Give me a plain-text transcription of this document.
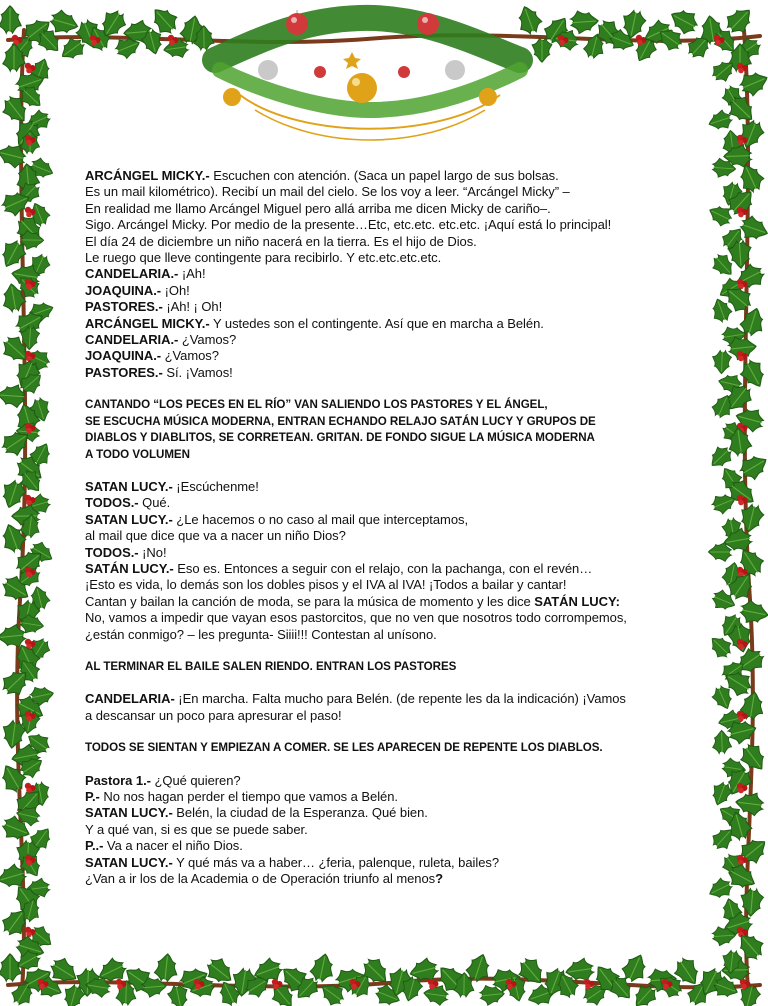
ARCÁNGEL MICKY.- Escuchen con atención. (Saca un papel largo de sus bolsas.
Es un mail kilométrico). Recibí un mail del cielo. Se los voy a leer. “Arcángel Micky” –
En realidad me llamo Arcángel Miguel pero allá arriba me dicen Micky de cariño–.
Sigo. Arcángel Micky. Por medio de la presente…Etc, etc.etc. etc.etc. ¡Aquí está lo principal!
El día 24 de diciembre un niño nacerá en la tierra. Es el hijo de Dios.
Le ruego que lleve contingente para recibirlo. Y etc.etc.etc.etc.
CANDELARIA.- ¡Ah!
JOAQUINA.- ¡Oh!
PASTORES.- ¡Ah! ¡ Oh!
ARCÁNGEL MICKY.- Y ustedes son el contingente. Así que en marcha a Belén.
CANDELARIA.- ¿Vamos?
JOAQUINA.- ¿Vamos?
PASTORES.- Sí. ¡Vamos!
CANTANDO “LOS PECES EN EL RÍO” VAN SALIENDO LOS PASTORES Y EL ÁNGEL,
SE ESCUCHA MÚSICA MODERNA, ENTRAN ECHANDO RELAJO SATÁN LUCY Y GRUPOS DE
DIABLOS Y DIABLITOS, SE CORRETEAN. GRITAN. DE FONDO SIGUE LA MÚSICA MODERNA
A TODO VOLUMEN
SATAN LUCY.- ¡Escúchenme!
TODOS.- Qué.
SATAN LUCY.- ¿Le hacemos o no caso al mail que interceptamos,
al mail que dice que va a nacer un niño Dios?
TODOS.- ¡No!
SATÁN LUCY.- Eso es. Entonces a seguir con el relajo, con la pachanga, con el revén…
¡Esto es vida, lo demás son los dobles pisos y el IVA al IVA! ¡Todos a bailar y cantar!
Cantan y bailan la canción de moda, se para la música de momento y les dice SATÁN LUCY:
No, vamos a impedir que vayan esos pastorcitos, que no ven que nosotros todo corrompemos,
¿están conmigo? – les pregunta- Siiii!!! Contestan al unísono.
AL TERMINAR EL BAILE SALEN RIENDO. ENTRAN LOS PASTORES
CANDELARIA- ¡En marcha. Falta mucho para Belén. (de repente les da la indicación) ¡Vamos
a descansar un poco para apresurar el paso!
TODOS SE SIENTAN Y EMPIEZAN A COMER. SE LES APARECEN DE REPENTE LOS DIABLOS.
Pastora 1.- ¿Qué quieren?
P.- No nos hagan perder el tiempo que vamos a Belén.
SATAN LUCY.- Belén, la ciudad de la Esperanza. Qué bien.
Y a qué van, si es que se puede saber.
P..- Va a nacer el niño Dios.
SATAN LUCY.- Y qué más va a haber… ¿feria, palenque, ruleta, bailes?
¿Van a ir los de la Academia o de Operación triunfo al menos?
